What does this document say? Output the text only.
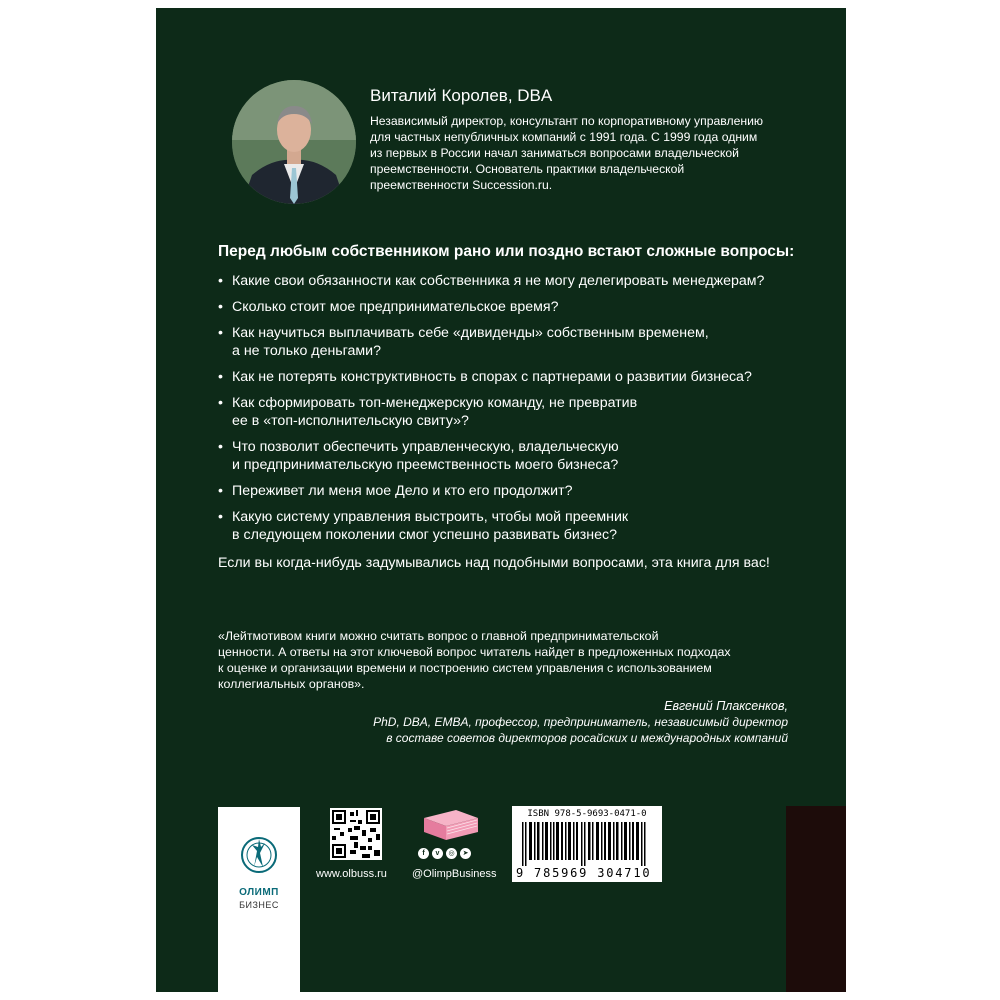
Виталий Королев, DBA
Независимый директор, консультант по корпоративному управлению
для частных непубличных компаний с 1991 года. С 1999 года одним
из первых в России начал заниматься вопросами владельческой
преемственности. Основатель практики владельческой
преемственности Succession.ru.
Перед любым собственником рано или поздно встают сложные вопросы:
• Какие свои обязанности как собственника я не могу делегировать менеджерам?
• Сколько стоит мое предпринимательское время?
• Как научиться выплачивать себе «дивиденды» собственным временем,
а не только деньгами?
• Как не потерять конструктивность в спорах с партнерами о развитии бизнеса?
• Как сформировать топ-менеджерскую команду, не превратив
ее в «топ-исполнительскую свиту»?
• Что позволит обеспечить управленческую, владельческую
и предпринимательскую преемственность моего бизнеса?
• Переживет ли меня мое Дело и кто его продолжит?
• Какую систему управления выстроить, чтобы мой преемник
в следующем поколении смог успешно развивать бизнес?
Если вы когда-нибудь задумывались над подобными вопросами, эта книга для вас!
«Лейтмотивом книги можно считать вопрос о главной предпринимательской
ценности. А ответы на этот ключевой вопрос читатель найдет в предложенных подходах
к оценке и организации времени и построению систем управления с использованием
коллегиальных органов».
Евгений Плаксенков,
PhD, DBA, EMBA, профессор, предприниматель, независимый директор
в составе советов директоров росайских и международных компаний
ОЛИМП
БИЗНЕС
www.olbuss.ru
f	v	◎	➤
@OlimpBusiness
ISBN 978-5-9693-0471-0
9 785969 304710
